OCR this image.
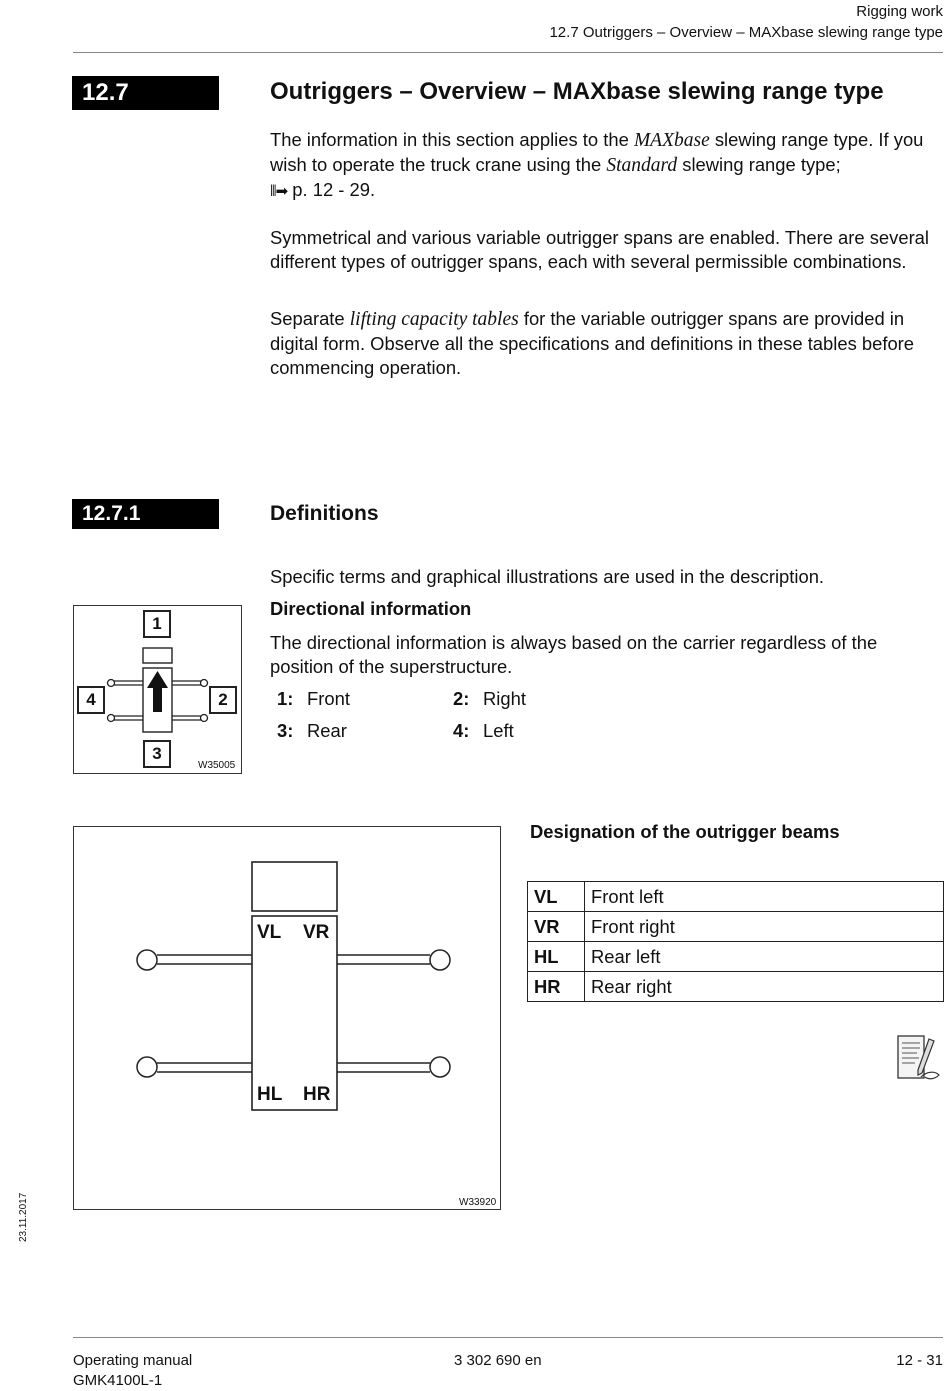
Rigging work
12.7 Outriggers – Overview – MAXbase slewing range type
12.7	Outriggers – Overview – MAXbase slewing range type
The information in this section applies to the MAXbase slewing range type. If you wish to operate the truck crane using the Standard slewing range type;
⦀➡ p. 12 - 29.
Symmetrical and various variable outrigger spans are enabled. There are several different types of outrigger spans, each with several permissible combinations.
Separate lifting capacity tables for the variable outrigger spans are provided in digital form. Observe all the specifications and definitions in these tables before commencing operation.
12.7.1	Definitions
Specific terms and graphical illustrations are used in the description.
Directional information
The directional information is always based on the carrier regardless of the position of the superstructure.
1: Front	2: Right
3: Rear	4: Left
1
2
3
4
W35005
VL VR
HL HR
W33920
Designation of the outrigger beams
VL	Front left
VR	Front right
HL	Rear left
HR	Rear right
23.11.2017
Operating manual
GMK4100L-1
3 302 690 en	12 - 31
